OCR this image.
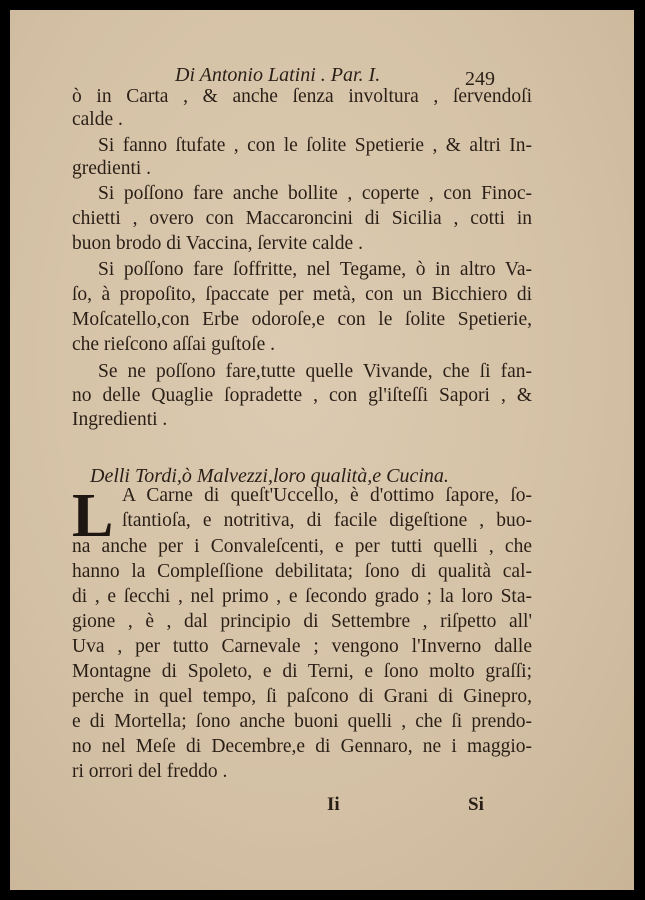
Di Antonio Latini . Par. I.	249
Delli Tordi,ò Malvezzi,loro qualità,e Cucina.
L
Ii	Si
ò in Carta , & anche ſenza involtura , ſervendoſi
calde .
Si fanno ſtufate , con le ſolite Spetierie , & altri In-
gredienti .
Si poſſono fare anche bollite , coperte , con Finoc-
chietti , overo con Maccaroncini di Sicilia , cotti in
buon brodo di Vaccina, ſervite calde .
Si poſſono fare ſoffritte, nel Tegame, ò in altro Va-
ſo, à propoſito, ſpaccate per metà, con un Bicchiero di
Moſcatello,con Erbe odoroſe,e con le ſolite Spetierie,
che rieſcono aſſai guſtoſe .
Se ne poſſono fare,tutte quelle Vivande, che ſi fan-
no delle Quaglie ſopradette , con gl'iſteſſi Sapori , &
Ingredienti .
A Carne di queſt'Uccello, è d'ottimo ſapore, ſo-
ſtantioſa, e notritiva, di facile digeſtione , buo-
na anche per i Convaleſcenti, e per tutti quelli , che
hanno la Compleſſione debilitata; ſono di qualità cal-
di , e ſecchi , nel primo , e ſecondo grado ; la loro Sta-
gione , è , dal principio di Settembre , riſpetto all'
Uva , per tutto Carnevale ; vengono l'Inverno dalle
Montagne di Spoleto, e di Terni, e ſono molto graſſi;
perche in quel tempo, ſi paſcono di Grani di Ginepro,
e di Mortella; ſono anche buoni quelli , che ſi prendo-
no nel Meſe di Decembre,e di Gennaro, ne i maggio-
ri orrori del freddo .
